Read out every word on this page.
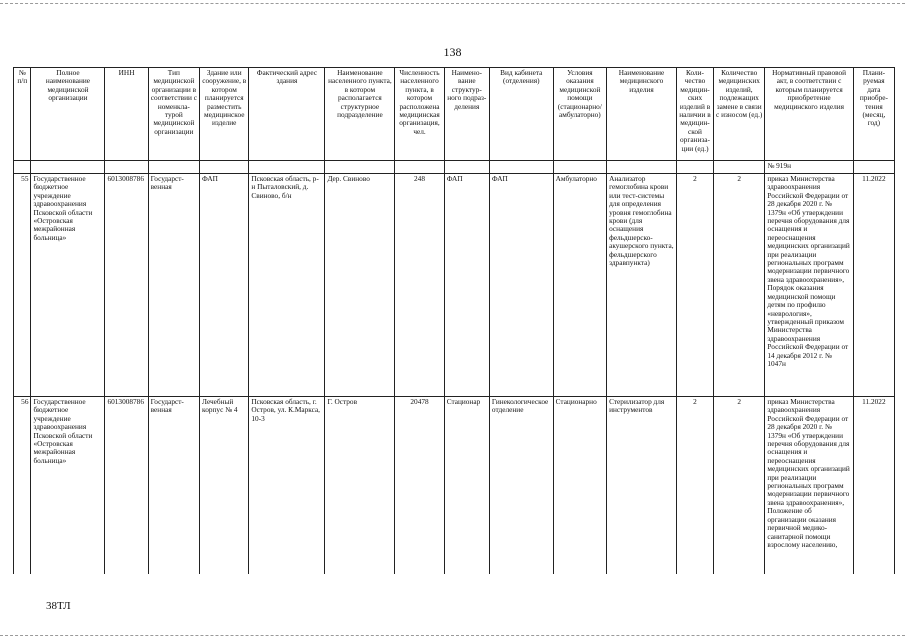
138
№ п/п	Полное наименование медицинской организации	ИНН	Тип медицинской организации в соответствии с номенкла-турой медицинской организации	Здание или сооружение, в котором планируется разместить медицинское изделие	Фактический адрес здания	Наименование населенного пункта, в котором располагается структурное подразделение	Численность населенного пункта, в котором расположена медицинская организация, чел.	Наимено-вание структур-ного подраз-деления	Вид кабинета (отделения)	Условия оказания медицинской помощи (стационарно/ амбулаторно)	Наименование медицинского изделия	Коли-чество медицин-ских изделий в наличии в медицин-ской организа-ции (ед.)	Количество медицинских изделий, подлежащих замене в связи с износом (ед.)	Нормативный правовой акт, в соответствии с которым планируется приобретение медицинского изделия	Плани-руемая дата приобре-тения (месяц, год)
														№ 919н	
55	Государственное бюджетное учреждение здравоохранения Псковской области «Островская межрайонная больница»	6013008786	Государст-венная	ФАП	Псковская область, р-н Пыталовский, д. Свиново, б/н	Дер. Свиново	248	ФАП	ФАП	Амбулаторно	Анализатор гемоглобина крови или тест-системы для определения уровня гемоглобина крови (для оснащения фельдшерско-акушерского пункта, фельдшерского здравпункта)	2	2	приказ Министерства здравоохранения Российской Федерации от 28 декабря 2020 г. № 1379н «Об утверждении перечня оборудования для оснащения и переоснащения медицинских организаций при реализации региональных программ модернизации первичного звена здравоохранения», Порядок оказания медицинской помощи детям по профилю «неврология», утвержденный приказом Министерства здравоохранения Российской Федерации от 14 декабря 2012 г. № 1047н	11.2022
56	Государственное бюджетное учреждение здравоохранения Псковской области «Островская межрайонная больница»	6013008786	Государст-венная	Лечебный корпус № 4	Псковская область, г. Остров, ул. К.Маркса, 10-3	Г. Остров	20478	Стационар	Гинекологическое отделение	Стационарно	Стерилизатор для инструментов	2	2	приказ Министерства здравоохранения Российской Федерации от 28 декабря 2020 г. № 1379н «Об утверждении перечня оборудования для оснащения и переоснащения медицинских организаций при реализации региональных программ модернизации первичного звена здравоохранения», Положение об организации оказания первичной медико-санитарной помощи взрослому населению,	11.2022
38ТЛ
